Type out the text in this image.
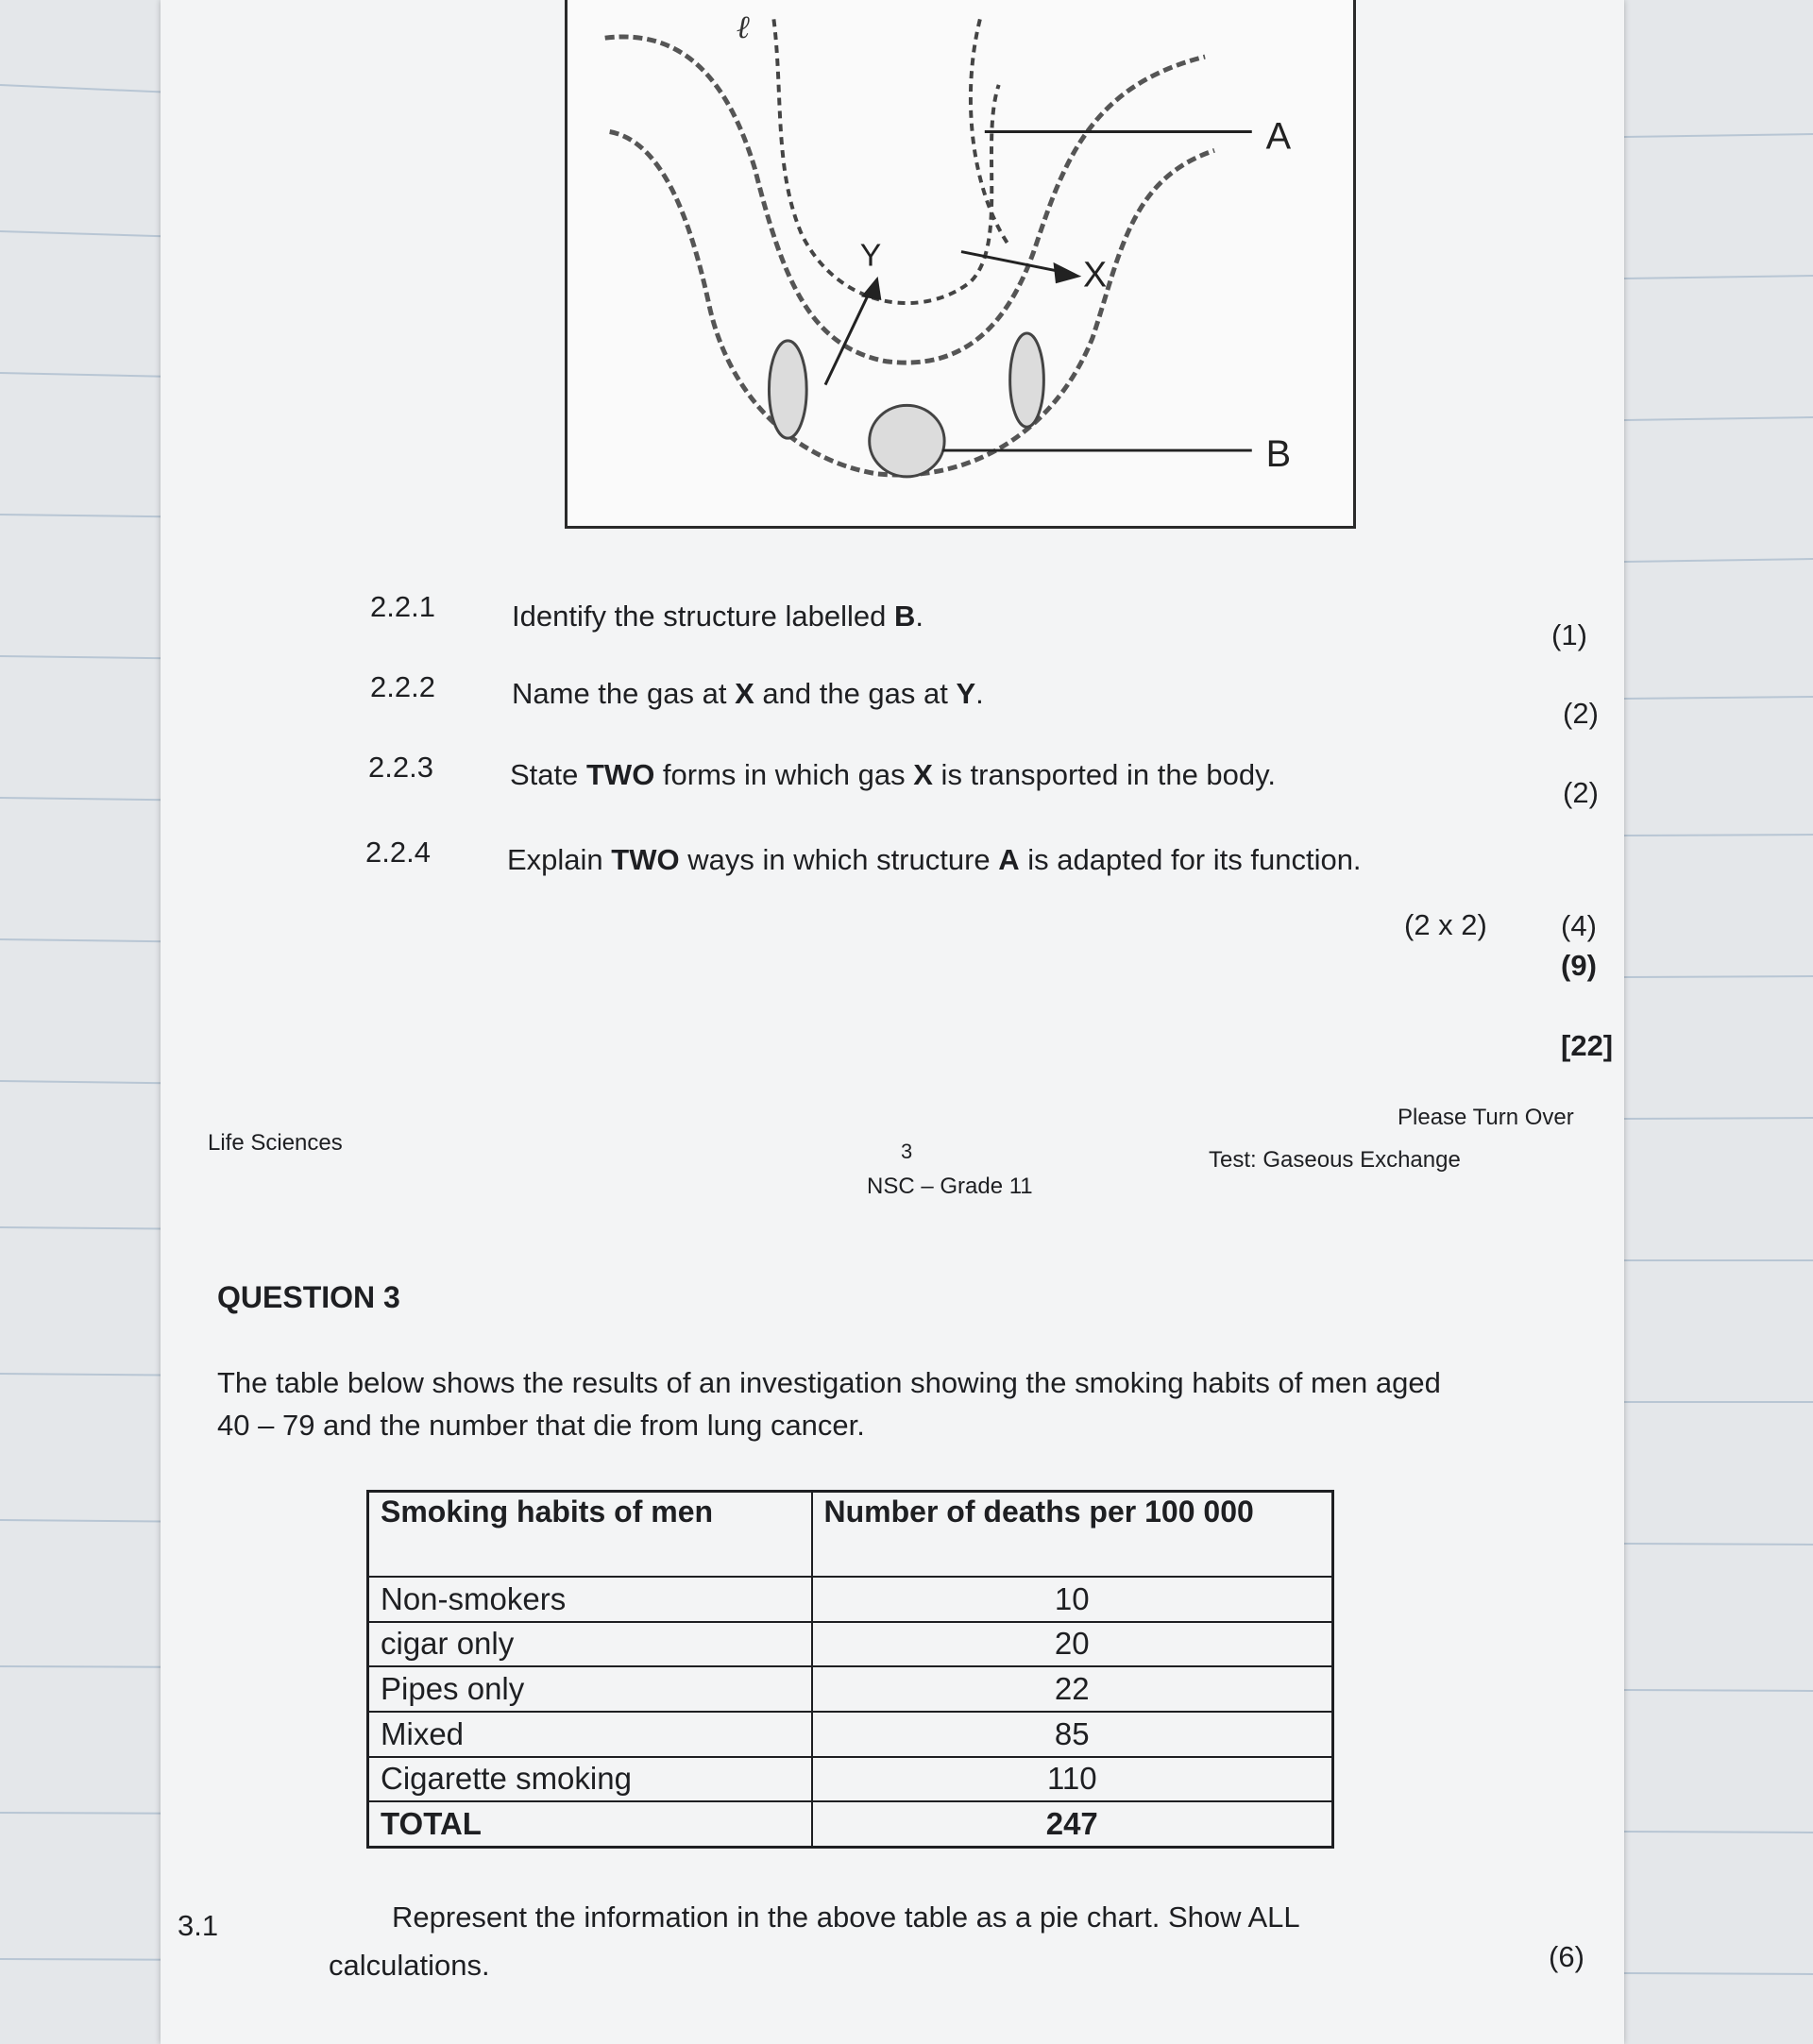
A
B
X
Y
ℓ
2.2.1	Identify the structure labelled B.
(1)
2.2.2	Name the gas at X and the gas at Y.
(2)
2.2.3	State TWO forms in which gas X is transported in the body.
(2)
2.2.4	Explain TWO ways in which structure A is adapted for its function.
(2 x 2)	(4)
(9)
[22]
Please Turn Over
Life Sciences	3	Test: Gaseous Exchange
NSC – Grade 11
QUESTION 3
The table below shows the results of an investigation showing the smoking habits of men aged
40 – 79 and the number that die from lung cancer.
Smoking habits of men	Number of deaths per 100 000
Non-smokers	10
cigar only	20
Pipes only	22
Mixed	85
Cigarette smoking	110
TOTAL	247
3.1	Represent the information in the above table as a pie chart. Show ALL
calculations.	(6)
